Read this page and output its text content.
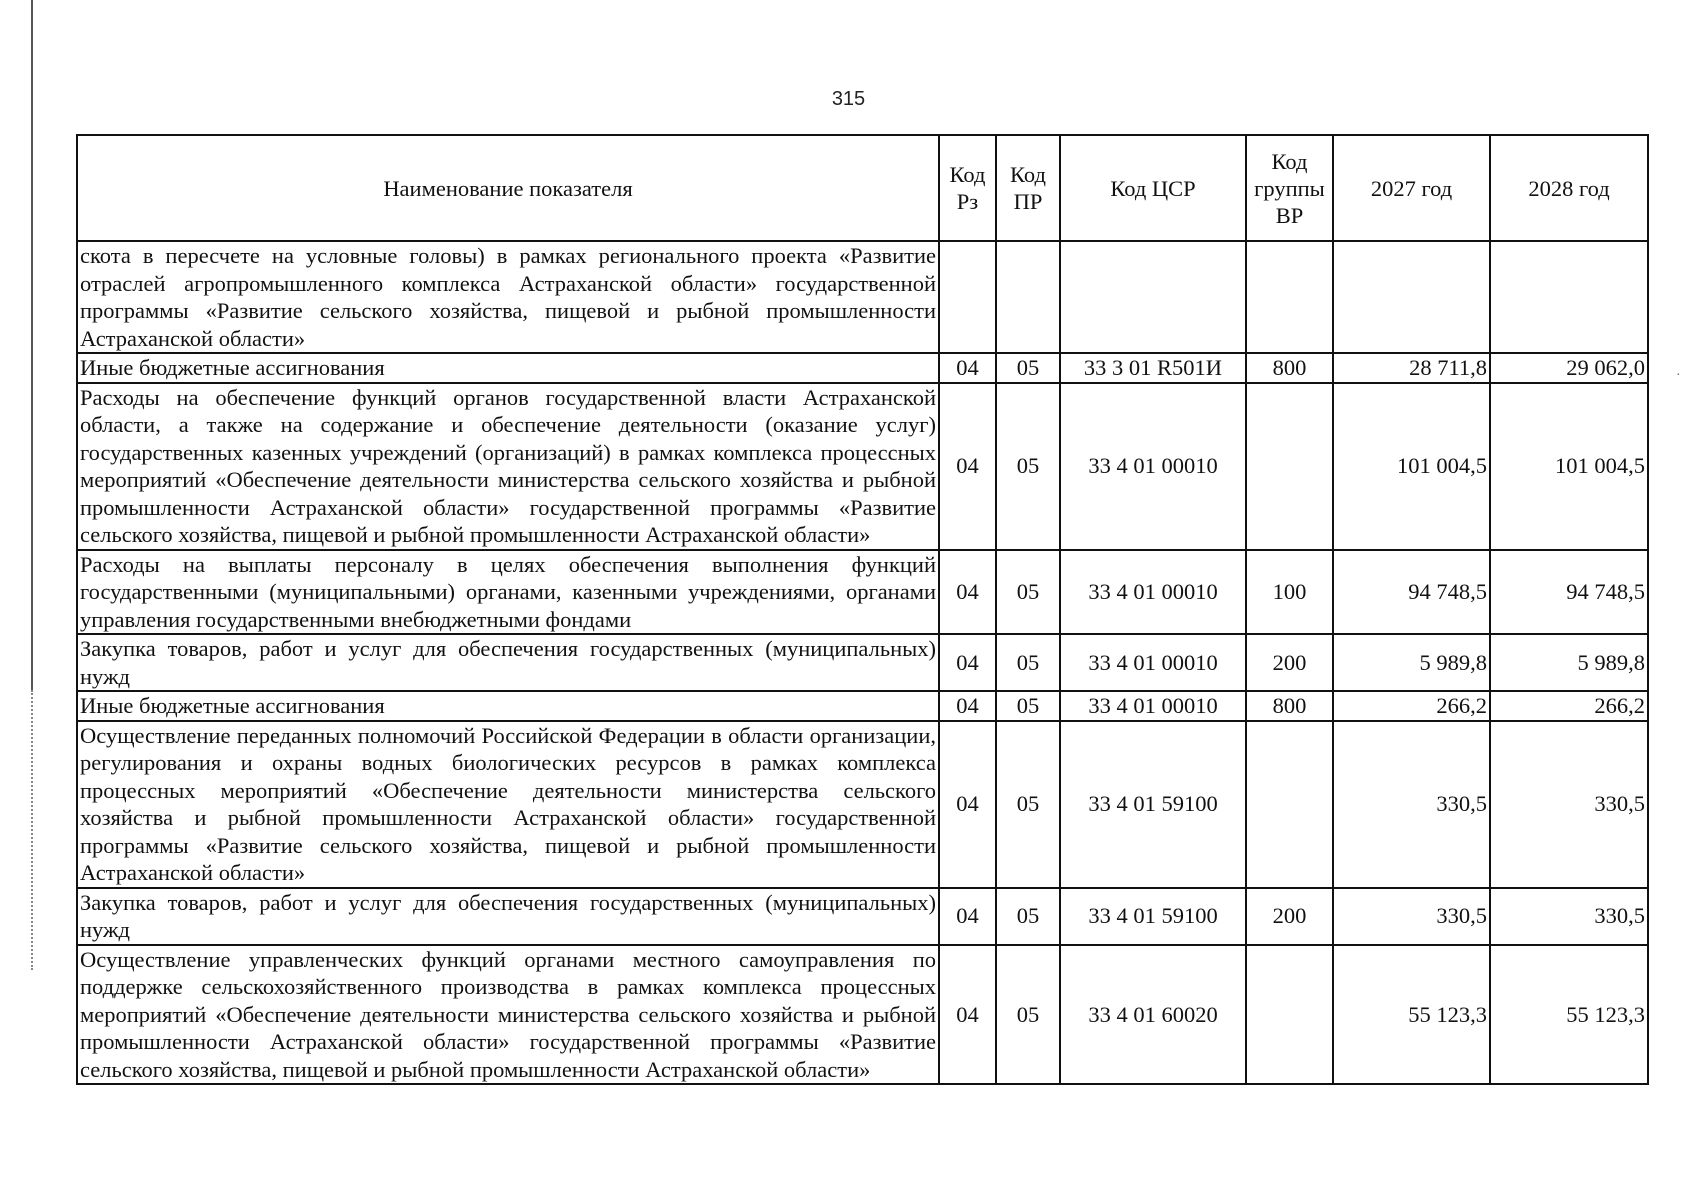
·
315
Наименование показателя	Код Рз	Код ПР	Код ЦСР	Код группы ВР	2027 год	2028 год
скота в пересчете на условные головы) в рамках регионального проекта «Развитие отраслей агропромышленного комплекса Астраханской области» государственной программы «Развитие сельского хозяйства, пищевой и рыбной промышленности Астраханской области»						
Иные бюджетные ассигнования	04	05	33 3 01 R501И	800	28 711,8	29 062,0
Расходы на обеспечение функций органов государственной власти Астраханской области, а также на содержание и обеспечение деятельности (оказание услуг) государственных казенных учреждений (организаций) в рамках комплекса процессных мероприятий «Обеспечение деятельности министерства сельского хозяйства и рыбной промышленности Астраханской области» государственной программы «Развитие сельского хозяйства, пищевой и рыбной промышленности Астраханской области»	04	05	33 4 01 00010		101 004,5	101 004,5
Расходы на выплаты персоналу в целях обеспечения выполнения функций государственными (муниципальными) органами, казенными учреждениями, органами управления государственными внебюджетными фондами	04	05	33 4 01 00010	100	94 748,5	94 748,5
Закупка товаров, работ и услуг для обеспечения государственных (муниципальных) нужд	04	05	33 4 01 00010	200	5 989,8	5 989,8
Иные бюджетные ассигнования	04	05	33 4 01 00010	800	266,2	266,2
Осуществление переданных полномочий Российской Федерации в области организации, регулирования и охраны водных биологических ресурсов в рамках комплекса процессных мероприятий «Обеспечение деятельности министерства сельского хозяйства и рыбной промышленности Астраханской области» государственной программы «Развитие сельского хозяйства, пищевой и рыбной промышленности Астраханской области»	04	05	33 4 01 59100		330,5	330,5
Закупка товаров, работ и услуг для обеспечения государственных (муниципальных) нужд	04	05	33 4 01 59100	200	330,5	330,5
Осуществление управленческих функций органами местного самоуправления по поддержке сельскохозяйственного производства в рамках комплекса процессных мероприятий «Обеспечение деятельности министерства сельского хозяйства и рыбной промышленности Астраханской области» государственной программы «Развитие сельского хозяйства, пищевой и рыбной промышленности Астраханской области»	04	05	33 4 01 60020		55 123,3	55 123,3
